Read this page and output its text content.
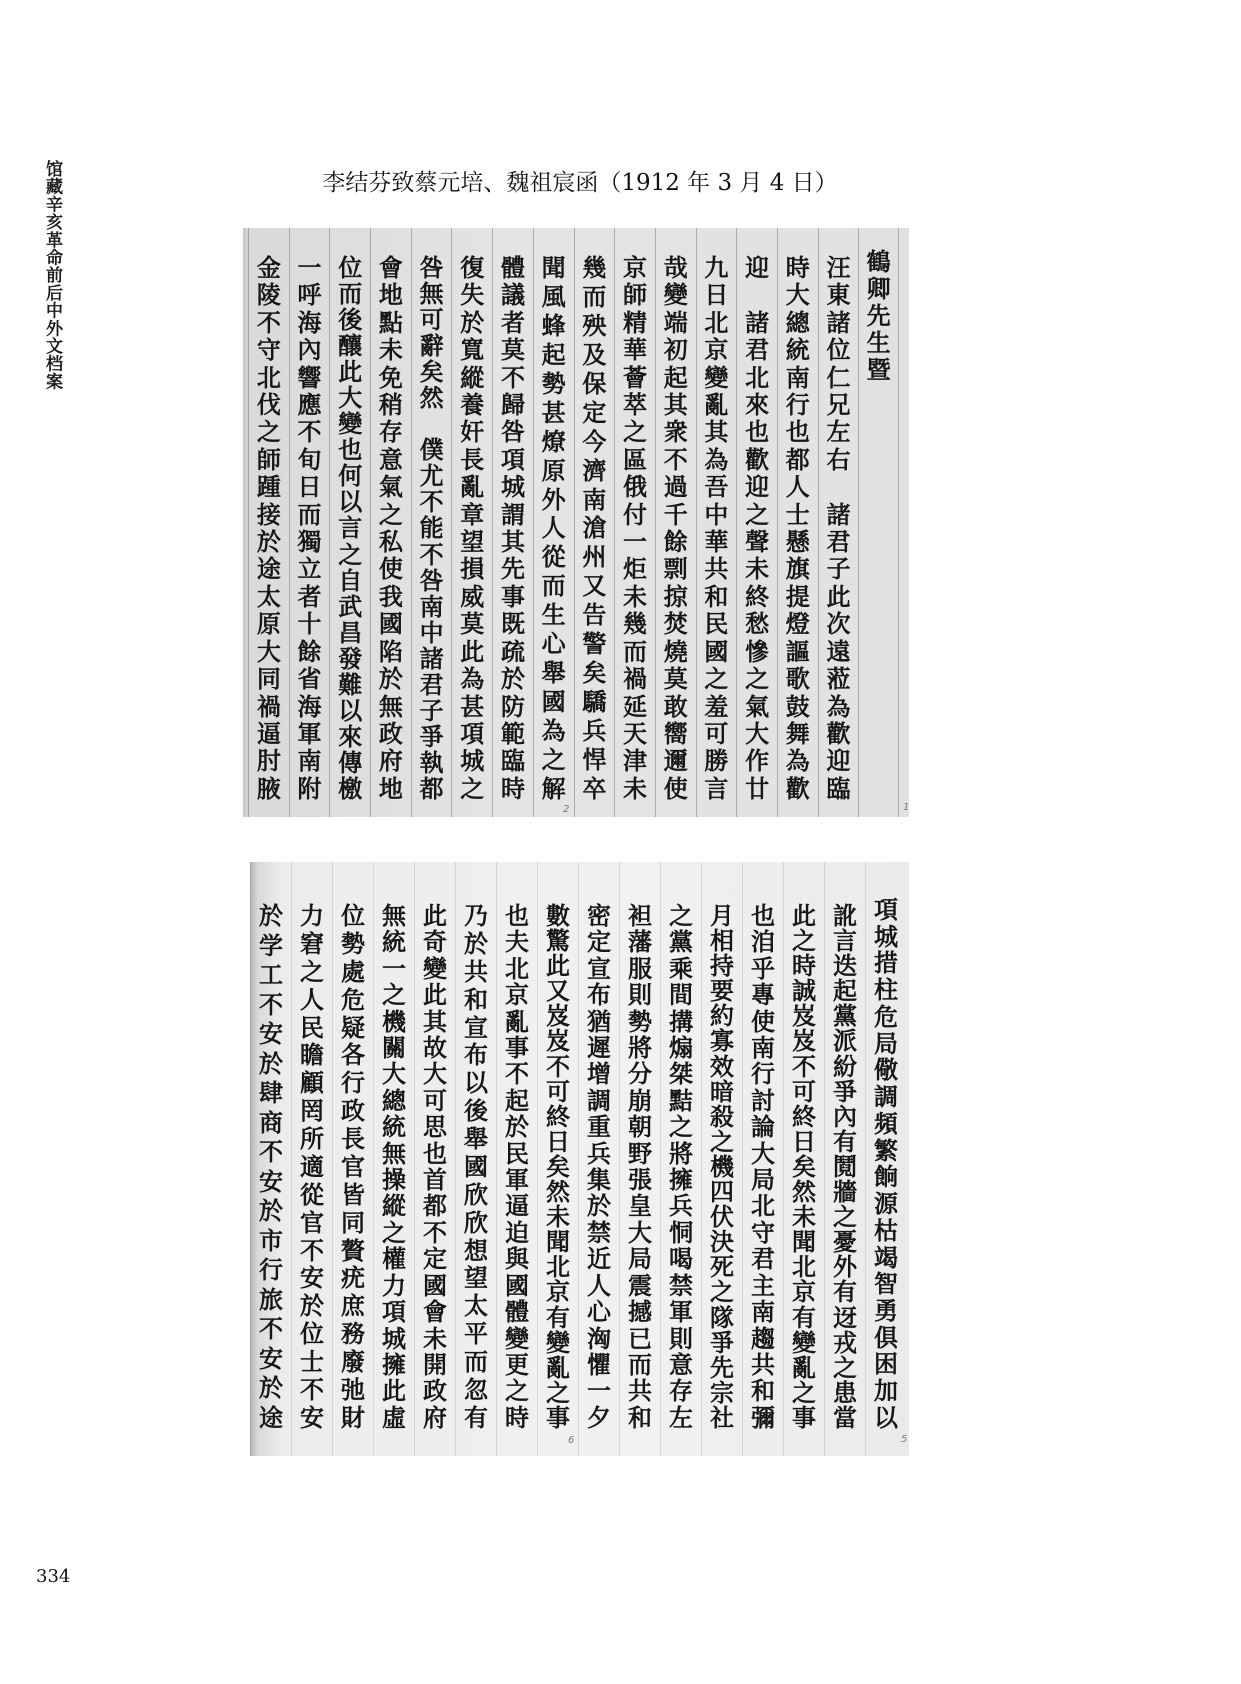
馆藏辛亥革命前后中外文档案	李结芬致蔡元培、魏祖宸函（1912 年 3 月 4 日）
鶴
卿
先
生
暨
汪
東
諸
位
仁
兄
左
右

諸
君
子
此
次
遠
蒞
為
歡
迎
臨
時
大
總
統
南
行
也
都
人
士
懸
旗
提
燈
謳
歌
鼓
舞
為
歡
迎

諸
君
北
來
也
歡
迎
之
聲
未
終
愁
慘
之
氣
大
作
廿
九
日
北
京
變
亂
其
為
吾
中
華
共
和
民
國
之
羞
可
勝
言
哉
變
端
初
起
其
衆
不
過
千
餘
剽
掠
焚
燒
莫
敢
嚮
邇
使
京
師
精
華
薈
萃
之
區
俄
付
一
炬
未
幾
而
禍
延
天
津
未
幾
而
殃
及
保
定
今
濟
南
滄
州
又
告
警
矣
驕
兵
悍
卒
聞
風
蜂
起
勢
甚
燎
原
外
人
從
而
生
心
舉
國
為
之
解
體
議
者
莫
不
歸
咎
項
城
謂
其
先
事
既
疏
於
防
範
臨
時
復
失
於
寬
縱
養
奸
長
亂
章
望
損
威
莫
此
為
甚
項
城
之
咎
無
可
辭
矣
然

僕
尤
不
能
不
咎
南
中
諸
君
子
爭
執
都
會
地
點
未
免
稍
存
意
氣
之
私
使
我
國
陷
於
無
政
府
地
位
而
後
釀
此
大
變
也
何
以
言
之
自
武
昌
發
難
以
來
傳
檄
一
呼
海
內
響
應
不
旬
日
而
獨
立
者
十
餘
省
海
軍
南
附
金
陵
不
守
北
伐
之
師
踵
接
於
途
太
原
大
同
禍
逼
肘
腋
1
2
項
城
措
柱
危
局
儆
調
頻
繁
餉
源
枯
竭
智
勇
俱
困
加
以
訛
言
迭
起
黨
派
紛
爭
內
有
鬩
牆
之
憂
外
有
迓
戎
之
患
當
此
之
時
誠
岌
岌
不
可
終
日
矣
然
未
聞
北
京
有
變
亂
之
事
也
洎
乎
專
使
南
行
討
論
大
局
北
守
君
主
南
趨
共
和
彌
月
相
持
要
約
寡
效
暗
殺
之
機
四
伏
決
死
之
隊
爭
先
宗
社
之
黨
乘
間
搆
煽
桀
黠
之
將
擁
兵
恫
喝
禁
軍
則
意
存
左
袒
藩
服
則
勢
將
分
崩
朝
野
張
皇
大
局
震
撼
已
而
共
和
密
定
宣
布
猶
遲
增
調
重
兵
集
於
禁
近
人
心
洶
懼
一
夕
數
驚
此
又
岌
岌
不
可
終
日
矣
然
未
聞
北
京
有
變
亂
之
事
也
夫
北
京
亂
事
不
起
於
民
軍
逼
迫
與
國
體
變
更
之
時
乃
於
共
和
宣
布
以
後
舉
國
欣
欣
想
望
太
平
而
忽
有
此
奇
變
此
其
故
大
可
思
也
首
都
不
定
國
會
未
開
政
府
無
統
一
之
機
關
大
總
統
無
操
縱
之
權
力
項
城
擁
此
虛
位
勢
處
危
疑
各
行
政
長
官
皆
同
贅
疣
庶
務
廢
弛
財
力
窘
之
人
民
瞻
顧
罔
所
適
從
官
不
安
於
位
士
不
安
於
学
工
不
安
於
肆
商
不
安
於
市
行
旅
不
安
於
途
5
6
334
